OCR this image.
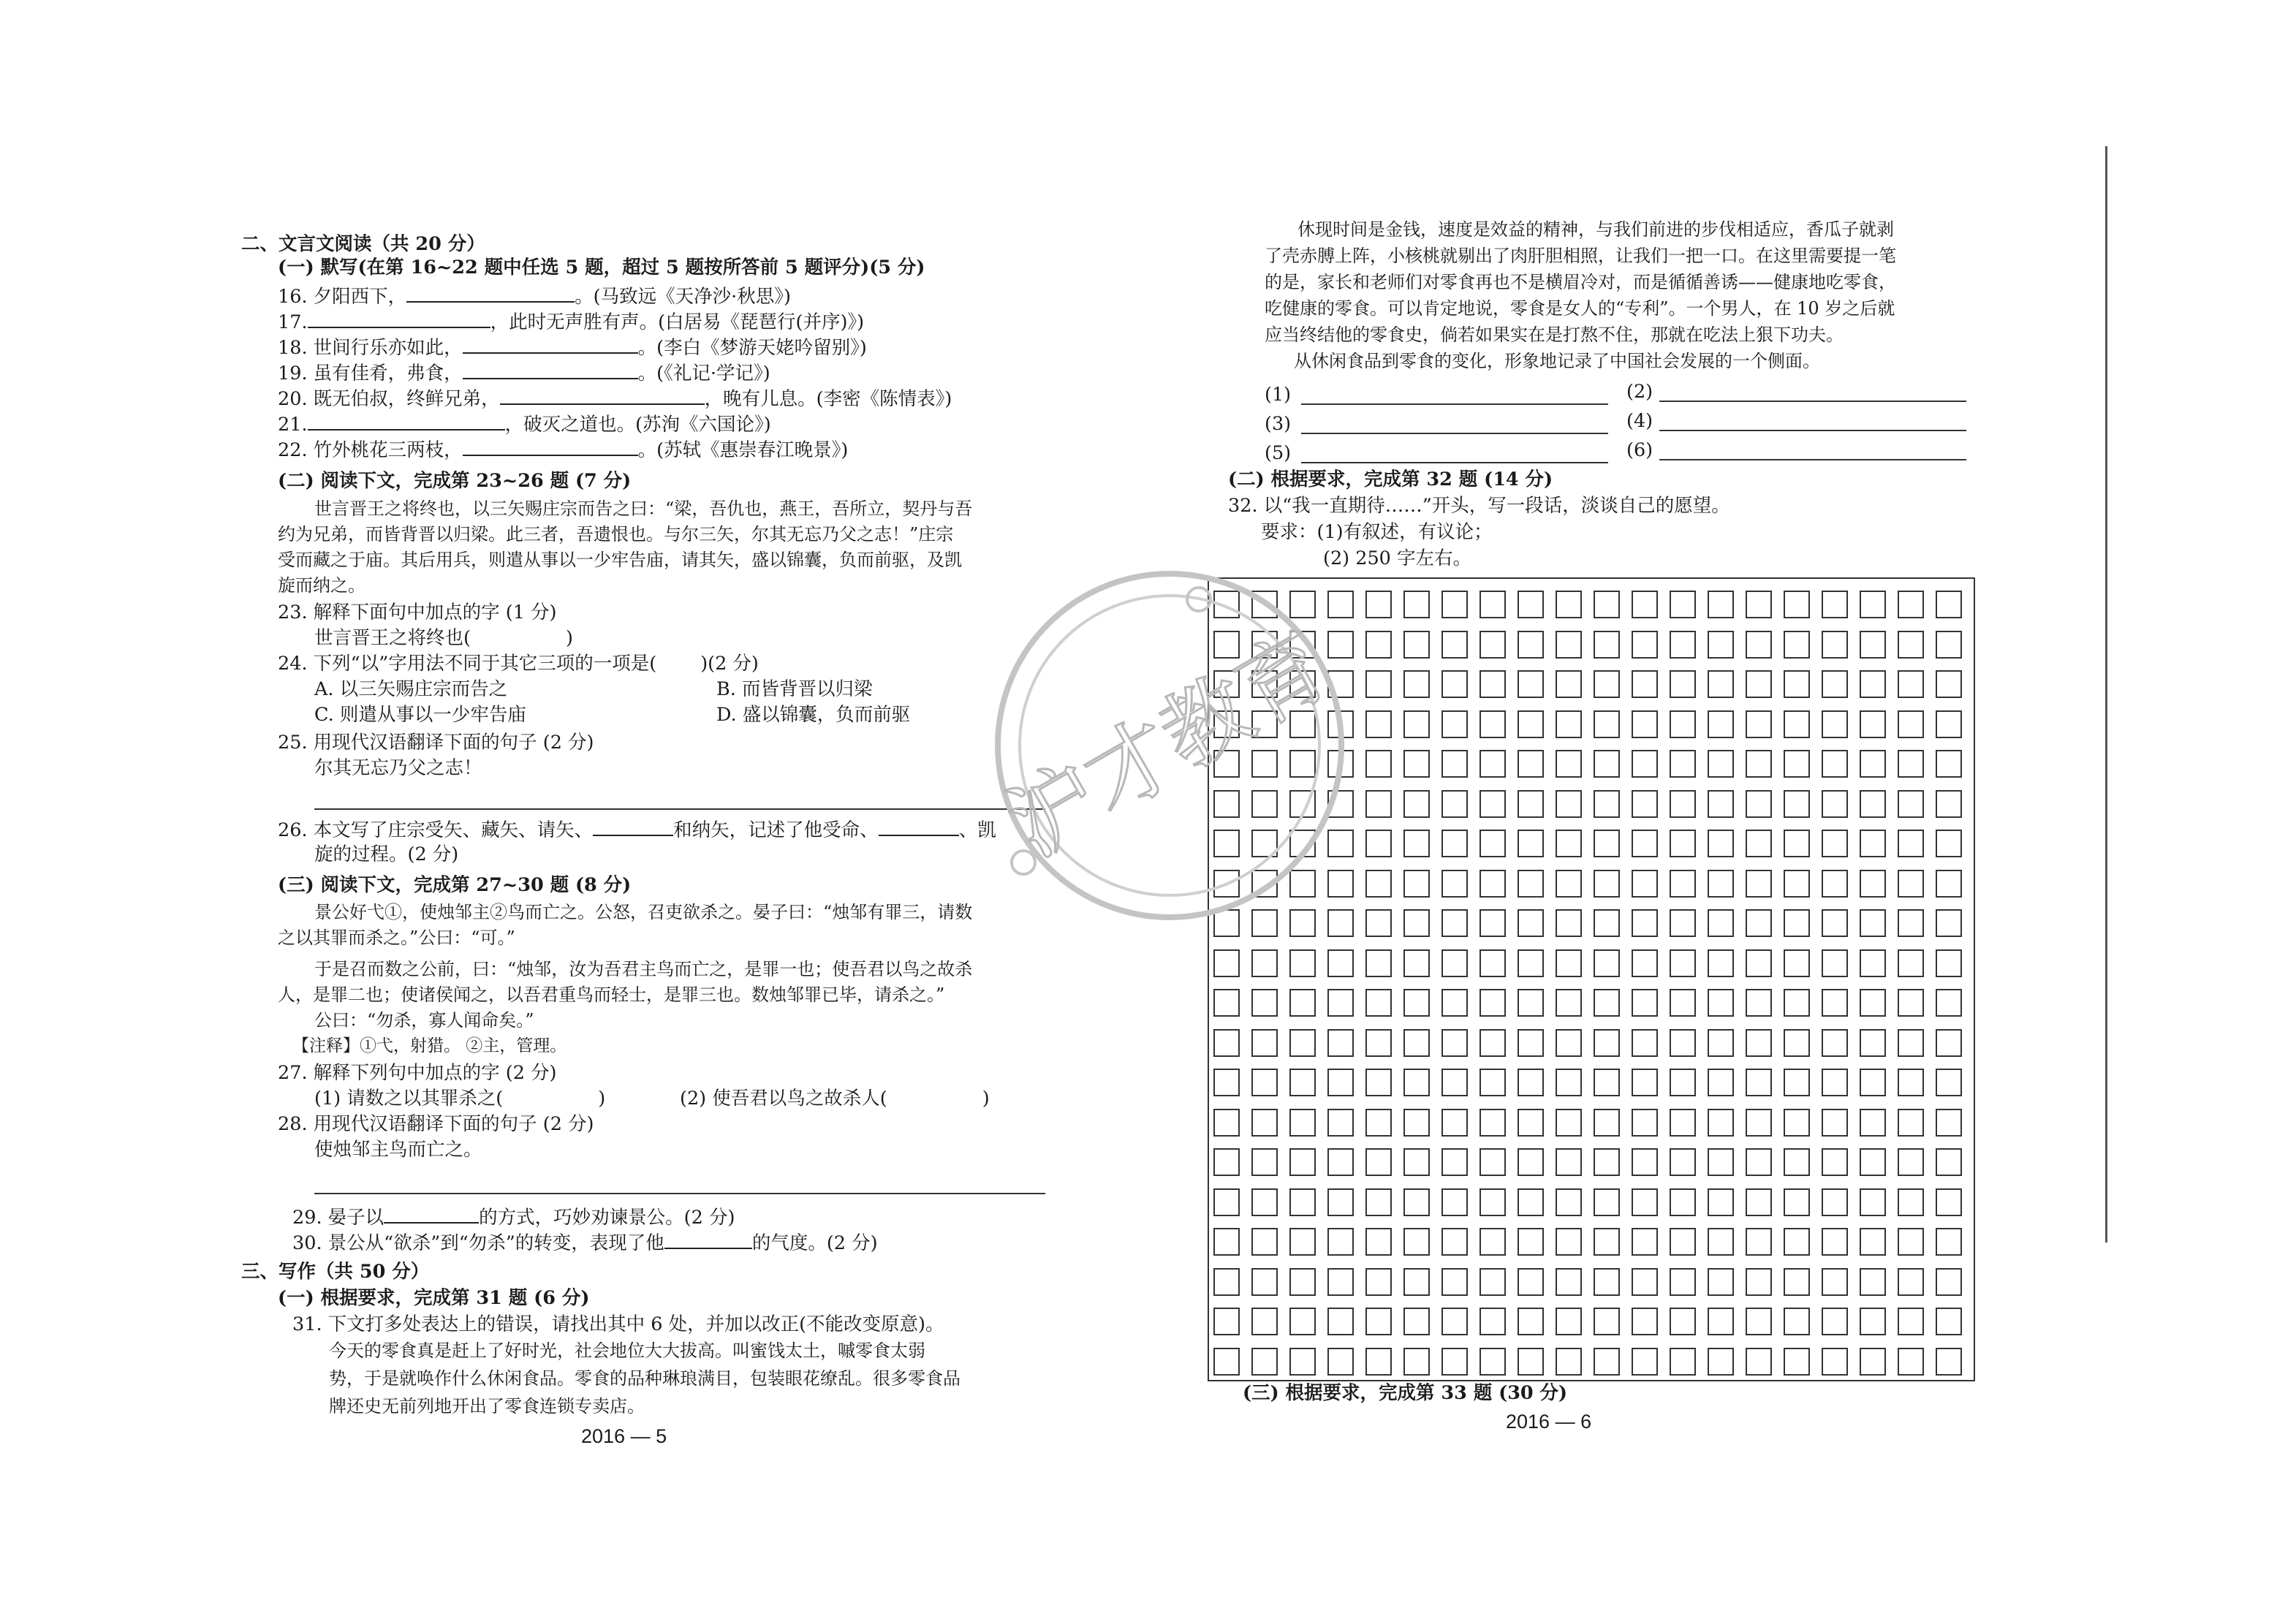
二、文言文阅读（共 20 分）
(一) 默写(在第 16~22 题中任选 5 题，超过 5 题按所答前 5 题评分)(5 分)
16. 夕阳西下，	。(马致远《天净沙·秋思》)
17.	，此时无声胜有声。(白居易《琵琶行(并序)》)
18. 世间行乐亦如此，	。(李白《梦游天姥吟留别》)
19. 虽有佳肴，弗食，	。(《礼记·学记》)
20. 既无伯叔，终鲜兄弟，	，晚有儿息。(李密《陈情表》)
21.	，破灭之道也。(苏洵《六国论》)
22. 竹外桃花三两枝，	。(苏轼《惠崇春江晚景》)
(二) 阅读下文，完成第 23~26 题 (7 分)
世言晋王之将终也，以三矢赐庄宗而告之曰：“梁，吾仇也，燕王，吾所立，契丹与吾
约为兄弟，而皆背晋以归梁。此三者，吾遗恨也。与尔三矢，尔其无忘乃父之志！”庄宗
受而藏之于庙。其后用兵，则遣从事以一少牢告庙，请其矢，盛以锦囊，负而前驱，及凯
旋而纳之。
23. 解释下面句中加点的字 (1 分)
世言晋王之将终也(	)
24. 下列“以”字用法不同于其它三项的一项是( )(2 分)
A. 以三矢赐庄宗而告之	B. 而皆背晋以归梁
C. 则遣从事以一少牢告庙	D. 盛以锦囊，负而前驱
25. 用现代汉语翻译下面的句子 (2 分)
尔其无忘乃父之志！
26. 本文写了庄宗受矢、藏矢、请矢、	和纳矢，记述了他受命、	、凯
旋的过程。(2 分)
(三) 阅读下文，完成第 27~30 题 (8 分)
景公好弋①，使烛邹主②鸟而亡之。公怒，召吏欲杀之。晏子曰：“烛邹有罪三，请数
之以其罪而杀之。”公曰：“可。”
于是召而数之公前，曰：“烛邹，汝为吾君主鸟而亡之，是罪一也；使吾君以鸟之故杀
人，是罪二也；使诸侯闻之，以吾君重鸟而轻士，是罪三也。数烛邹罪已毕，请杀之。”
公曰：“勿杀，寡人闻命矣。”
【注释】①弋，射猎。 ②主，管理。
27. 解释下列句中加点的字 (2 分)
(1) 请数之以其罪杀之(	)	(2) 使吾君以鸟之故杀人(	)
28. 用现代汉语翻译下面的句子 (2 分)
使烛邹主鸟而亡之。
29. 晏子以	的方式，巧妙劝谏景公。(2 分)
30. 景公从“欲杀”到“勿杀”的转变，表现了他	的气度。(2 分)
三、写作（共 50 分）
(一) 根据要求，完成第 31 题 (6 分)
31. 下文打多处表达上的错误，请找出其中 6 处，并加以改正(不能改变原意)。
今天的零食真是赶上了好时光，社会地位大大拔高。叫蜜饯太土，嘁零食太弱
势，于是就唤作什么休闲食品。零食的品种琳琅满目，包装眼花缭乱。很多零食品
牌还史无前列地开出了零食连锁专卖店。
2016 — 5
休现时间是金钱，速度是效益的精神，与我们前进的步伐相适应，香瓜子就剥
了壳赤膊上阵，小核桃就剔出了肉肝胆相照，让我们一把一口。在这里需要提一笔
的是，家长和老师们对零食再也不是横眉冷对，而是循循善诱——健康地吃零食，
吃健康的零食。可以肯定地说，零食是女人的“专利”。一个男人，在 10 岁之后就
应当终结他的零食史，倘若如果实在是打熬不住，那就在吃法上狠下功夫。
从休闲食品到零食的变化，形象地记录了中国社会发展的一个侧面。
(1)	(2)
(3)	(4)
(5)	(6)
(二) 根据要求，完成第 32 题 (14 分)
32. 以“我一直期待……”开头，写一段话，淡谈自己的愿望。
要求：(1)有叙述，有议论；
(2) 250 字左右。
(三) 根据要求，完成第 33 题 (30 分)
2016 — 6
沪才教育
